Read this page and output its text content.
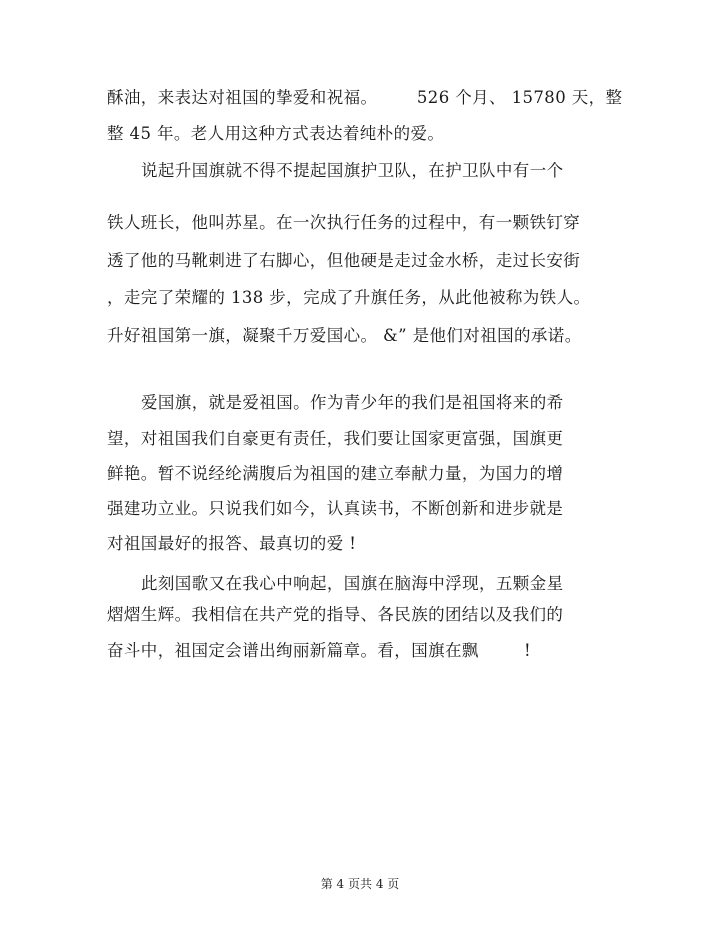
酥油，来表达对祖国的挚爱和祝福。       526 个月、 15780 天，整
整 45 年。老人用这种方式表达着纯朴的爱。
说起升国旗就不得不提起国旗护卫队，在护卫队中有一个
铁人班长，他叫苏星。在一次执行任务的过程中，有一颗铁钉穿
透了他的马靴刺进了右脚心，但他硬是走过金水桥，走过长安街
，走完了荣耀的 138 步，完成了升旗任务，从此他被称为铁人。
升好祖国第一旗，凝聚千万爱国心。 &” 是他们对祖国的承诺。
爱国旗，就是爱祖国。作为青少年的我们是祖国将来的希
望，对祖国我们自豪更有责任，我们要让国家更富强，国旗更
鲜艳。暂不说经纶满腹后为祖国的建立奉献力量，为国力的增
强建功立业。只说我们如今，认真读书，不断创新和进步就是
对祖国最好的报答、最真切的爱 !
此刻国歌又在我心中响起，国旗在脑海中浮现，五颗金星
熠熠生辉。我相信在共产党的指导、各民族的团结以及我们的
奋斗中，祖国定会谱出绚丽新篇章。看，国旗在飘        !
第 4 页共 4 页
